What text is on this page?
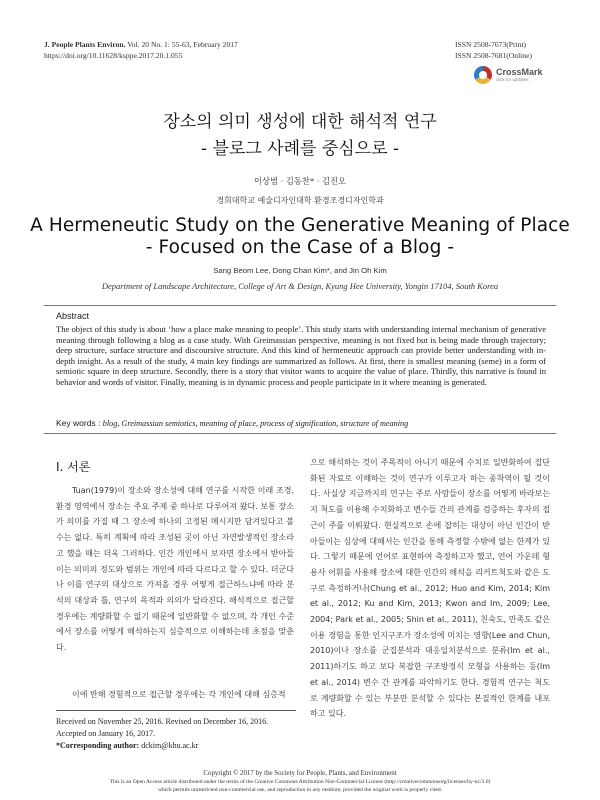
J. People Plants Environ. Vol. 20 No. 1: 55-63, February 2017
https://doi.org/10.11628/ksppe.2017.20.1.055
ISSN 2508-7673(Print)
ISSN 2508-7681(Online)
CrossMark
click for updates
장소의 의미 생성에 대한 해석적 연구
- 블로그 사례를 중심으로 -
이상범 · 김동찬* · 김진오
경희대학교 예술디자인대학 환경조경디자인학과
A Hermeneutic Study on the Generative Meaning of Place
- Focused on the Case of a Blog -
Sang Beom Lee, Dong Chan Kim*, and Jin Oh Kim
Department of Landscape Architecture, College of Art & Design, Kyung Hee University, Yongin 17104, South Korea
Abstract
The object of this study is about ‘how a place make meaning to people’. This study starts with understanding internal mechanism of generative meaning through following a blog as a case study. With Greimassian perspective, meaning is not fixed but is being made through trajectory; deep structure, surface structure and discoursive structure. And this kind of hermeneutic approach can provide better understanding with in-depth insight. As a result of the study, 4 main key findings are summarized as follows. At first, there is smallest meaning (seme) in a form of semiotic square in deep structure. Secondly, there is a story that visitor wants to acquire the value of place. Thirdly, this narrative is found in behavior and words of visitor. Finally, meaning is in dynamic process and people participate in it where meaning is generated.
Key words : blog, Greimassian semiotics, meaning of place, process of signification, structure of meaning
Ⅰ. 서론
Tuan(1979)이 장소와 장소성에 대해 연구를 시작한 이래 조경, 환경 영역에서 장소는 주요 주제 중 하나로 다루어져 왔다. 보통 장소가 의미를 가질 때 그 장소에 하나의 고정된 메시지만 담겨있다고 볼 수는 없다. 특히 계획에 따라 조성된 곳이 아닌 자연발생적인 장소라고 했을 때는 더욱 그러하다. 인간 개인에서 보자면 장소에서 받아들이는 의미의 정도와 범위는 개인에 따라 다르다고 할 수 있다. 더군다나 이를 연구의 대상으로 가져올 경우 어떻게 접근하느냐에 따라 분석의 대상과 틀, 연구의 목적과 의의가 달라진다. 해석적으로 접근할 경우에는 계량화할 수 없기 때문에 일반화할 수 없으며, 각 개인 수준에서 장소를 어떻게 해석하는지 심층적으로 이해하는데 초점을 맞춘다.
이에 반해 경험적으로 접근할 경우에는 각 개인에 대해 심층적
으로 해석하는 것이 주목적이 아니기 때문에 수치로 일반화하여 집단화된 자료로 이해하는 것이 연구가 이루고자 하는 종착역이 될 것이다. 사실상 지금까지의 연구는 주로 사람들이 장소를 어떻게 바라보는지 척도를 이용해 수치화하고 변수들 간의 관계를 검증하는 후자의 접근이 주를 이뤄왔다. 현실적으로 손에 잡히는 대상이 아닌 인간이 받아들이는 심상에 대해서는 인간을 통해 측정할 수밖에 없는 한계가 있다. 그렇기 때문에 언어로 표현하여 측정하고자 했고, 언어 가운데 형용사 어휘를 사용해 장소에 대한 인간의 해석을 리커트척도와 같은 도구로 측정하거나(Chung et al., 2012; Huo and Kim, 2014; Kim et al., 2012; Ku and Kim, 2013; Kwon and Im, 2009; Lee, 2004; Park et al., 2005; Shin et al., 2011), 친숙도, 만족도 같은 이용 경험을 통한 인지구조가 장소성에 미치는 영향(Lee and Chun, 2010)이나 장소를 군집분석과 대응일치분석으로 분류(Im et al., 2011)하기도 하고 보다 복잡한 구조방정식 모형을 사용하는 등(Im et al., 2014) 변수 간 관계를 파악하기도 한다. 경험적 연구는 척도로 계량화할 수 있는 부분만 분석할 수 있다는 본질적인 한계를 내포하고 있다.
Received on November 25, 2016. Revised on December 16, 2016.
Accepted on January 16, 2017.
*Corresponding author: dckim@khu.ac.kr
Copyright © 2017 by the Society for People, Plants, and Environment
This is an Open Access article distributed under the terms of the Creative Commons Attribution Non-Commercial License (http://creativecommonsorg/licenses/by-nc/3.0)
which permits unrestricted non-commercial use, and reproduction in any medium, provided the original work is properly cited.
